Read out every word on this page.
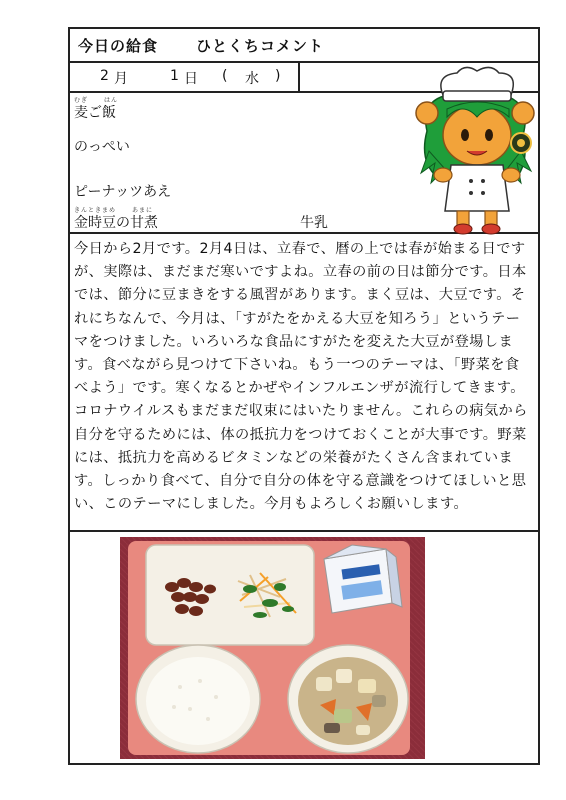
今日の給食	ひとくちコメント
2 月	1 日 ( 水 )
むぎ	はん
麦ご飯
のっぺい
ピーナッツあえ
きんときまめ	あまに
金時豆の甘煮	牛乳

今日から2月です。2月4日は、立春で、暦の上では春が始まる日ですが、実際は、まだまだ寒いですよね。立春の前の日は節分です。日本では、節分に豆まきをする風習があります。まく豆は、大豆です。それにちなんで、今月は、「すがたをかえる大豆を知ろう」というテーマをつけました。いろいろな食品にすがたを変えた大豆が登場します。食べながら見つけて下さいね。もう一つのテーマは、「野菜を食べよう」です。寒くなるとかぜやインフルエンザが流行してきます。コロナウイルスもまだまだ収束にはいたりません。これらの病気から自分を守るためには、体の抵抗力をつけておくことが大事です。野菜には、抵抗力を高めるビタミンなどの栄養がたくさん含まれています。しっかり食べて、自分で自分の体を守る意識をつけてほしいと思い、このテーマにしました。今月もよろしくお願いします。
